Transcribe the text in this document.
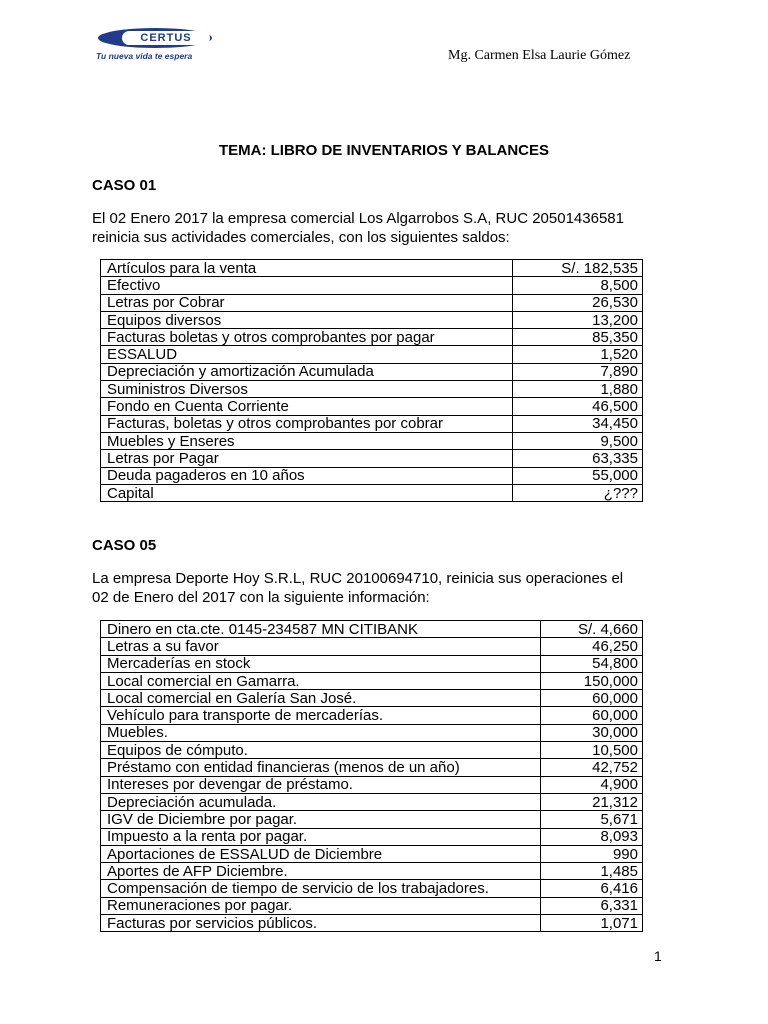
CERTUS
Tu nueva vida te espera	Mg. Carmen Elsa Laurie Gómez
TEMA: LIBRO DE INVENTARIOS Y BALANCES
CASO 01
El 02 Enero 2017 la empresa comercial Los Algarrobos S.A, RUC 20501436581
reinicia sus actividades comerciales, con los siguientes saldos:
Artículos para la venta	S/. 182,535
Efectivo	8,500
Letras por Cobrar	26,530
Equipos diversos	13,200
Facturas boletas y otros comprobantes por pagar	85,350
ESSALUD	1,520
Depreciación y amortización Acumulada	7,890
Suministros Diversos	1,880
Fondo en Cuenta Corriente	46,500
Facturas, boletas y otros comprobantes por cobrar	34,450
Muebles y Enseres	9,500
Letras por Pagar	63,335
Deuda pagaderos en 10 años	55,000
Capital	¿???
CASO 05
La empresa Deporte Hoy S.R.L, RUC 20100694710, reinicia sus operaciones el
02 de Enero del 2017 con la siguiente información:
Dinero en cta.cte. 0145-234587 MN CITIBANK	S/. 4,660
Letras a su favor	46,250
Mercaderías en stock	54,800
Local comercial en Gamarra.	150,000
Local comercial en Galería San José.	60,000
Vehículo para transporte de mercaderías.	60,000
Muebles.	30,000
Equipos de cómputo.	10,500
Préstamo con entidad financieras (menos de un año)	42,752
Intereses por devengar de préstamo.	4,900
Depreciación acumulada.	21,312
IGV de Diciembre por pagar.	5,671
Impuesto a la renta por pagar.	8,093
Aportaciones de ESSALUD de Diciembre	990
Aportes de AFP Diciembre.	1,485
Compensación de tiempo de servicio de los trabajadores.	6,416
Remuneraciones por pagar.	6,331
Facturas por servicios públicos.	1,071
1
